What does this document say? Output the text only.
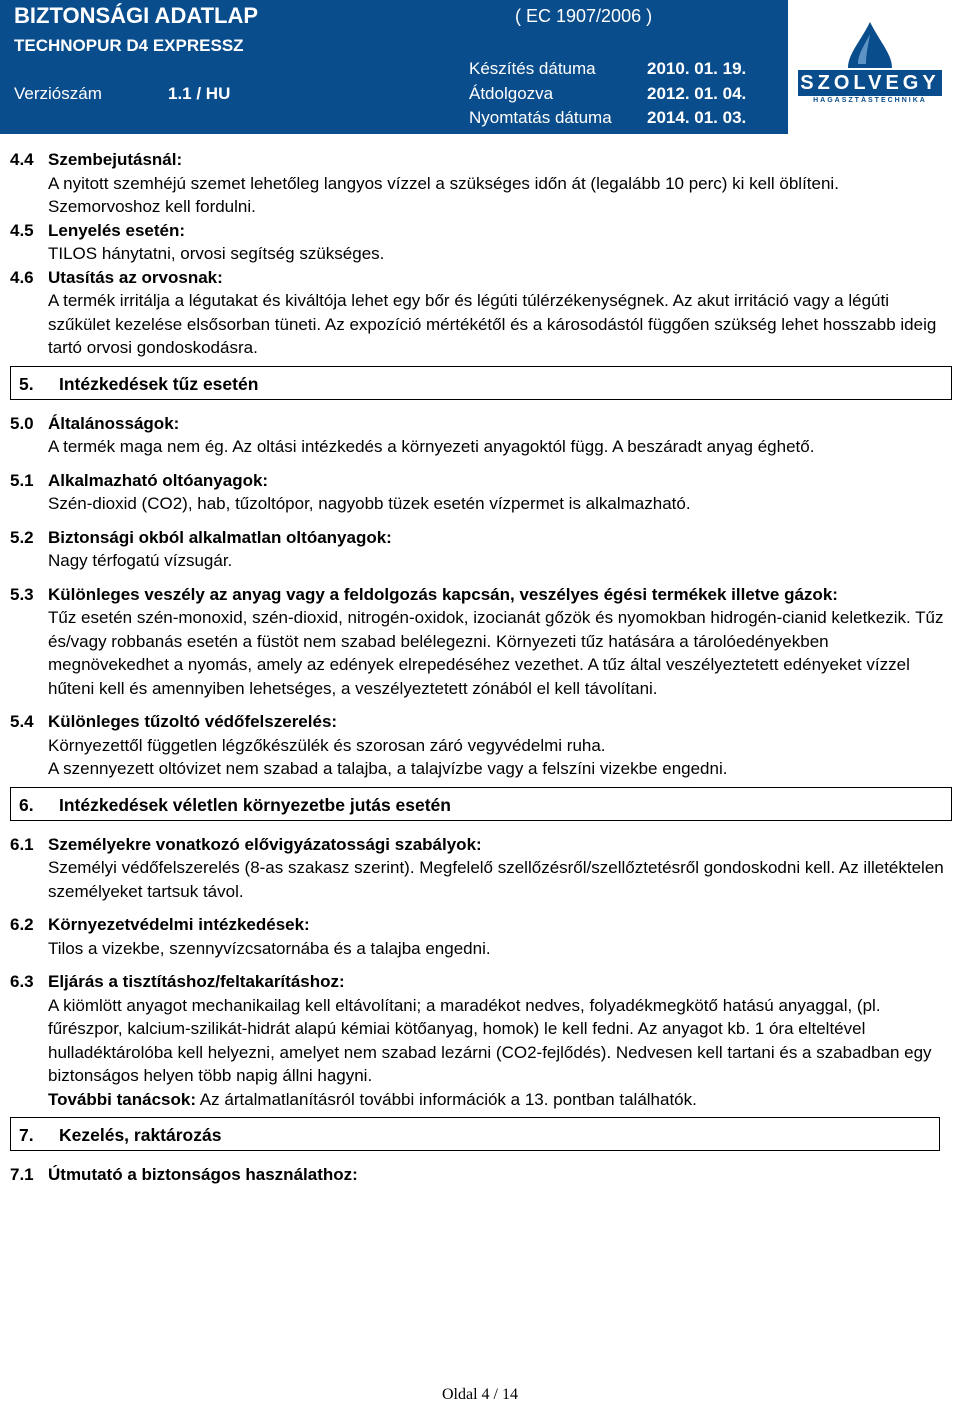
BIZTONSÁGI ADATLAP	( EC 1907/2006 )
TECHNOPUR D4 EXPRESSZ
Verziószám	1.1 / HU
Készítés dátuma	2010. 01. 19.
Átdolgozva	2012. 01. 04.
Nyomtatás dátuma 2014. 01. 03.
SZOLVEGY
HAGASZTÁSTECHNIKA
4.4 Szembejutásnál:
A nyitott szemhéjú szemet lehetőleg langyos vízzel a szükséges időn át (legalább 10 perc) ki kell öblíteni. Szemorvoshoz kell fordulni.
4.5 Lenyelés esetén:
TILOS hánytatni, orvosi segítség szükséges.
4.6 Utasítás az orvosnak:
A termék irritálja a légutakat és kiváltója lehet egy bőr és légúti túlérzékenységnek. Az akut irritáció vagy a légúti szűkület kezelése elsősorban tüneti. Az expozíció mértékétől és a károsodástól függően szükség lehet hosszabb ideig tartó orvosi gondoskodásra.
5. Intézkedések tűz esetén
5.0 Általánosságok:
A termék maga nem ég. Az oltási intézkedés a környezeti anyagoktól függ. A beszáradt anyag éghető.
5.1 Alkalmazható oltóanyagok:
Szén-dioxid (CO2), hab, tűzoltópor, nagyobb tüzek esetén vízpermet is alkalmazható.
5.2 Biztonsági okból alkalmatlan oltóanyagok:
Nagy térfogatú vízsugár.
5.3 Különleges veszély az anyag vagy a feldolgozás kapcsán, veszélyes égési termékek illetve gázok:
Tűz esetén szén-monoxid, szén-dioxid, nitrogén-oxidok, izocianát gőzök és nyomokban hidrogén-cianid keletkezik. Tűz és/vagy robbanás esetén a füstöt nem szabad belélegezni. Környezeti tűz hatására a tárolóedényekben megnövekedhet a nyomás, amely az edények elrepedéséhez vezethet. A tűz által veszélyeztetett edényeket vízzel hűteni kell és amennyiben lehetséges, a veszélyeztetett zónából el kell távolítani.
5.4 Különleges tűzoltó védőfelszerelés:
Környezettől független légzőkészülék és szorosan záró vegyvédelmi ruha.
A szennyezett oltóvizet nem szabad a talajba, a talajvízbe vagy a felszíni vizekbe engedni.
6. Intézkedések véletlen környezetbe jutás esetén
6.1 Személyekre vonatkozó elővigyázatossági szabályok:
Személyi védőfelszerelés (8-as szakasz szerint). Megfelelő szellőzésről/szellőztetésről gondoskodni kell. Az illetéktelen személyeket tartsuk távol.
6.2 Környezetvédelmi intézkedések:
Tilos a vizekbe, szennyvízcsatornába és a talajba engedni.
6.3 Eljárás a tisztításhoz/feltakarításhoz:
A kiömlött anyagot mechanikailag kell eltávolítani; a maradékot nedves, folyadékmegkötő hatású anyaggal, (pl. fűrészpor, kalcium-szilikát-hidrát alapú kémiai kötőanyag, homok) le kell fedni. Az anyagot kb. 1 óra elteltével hulladéktárolóba kell helyezni, amelyet nem szabad lezárni (CO2-fejlődés). Nedvesen kell tartani és a szabadban egy biztonságos helyen több napig állni hagyni.
További tanácsok: Az ártalmatlanításról további információk a 13. pontban találhatók.
7. Kezelés, raktározás
7.1 Útmutató a biztonságos használathoz:
Oldal 4 / 14
